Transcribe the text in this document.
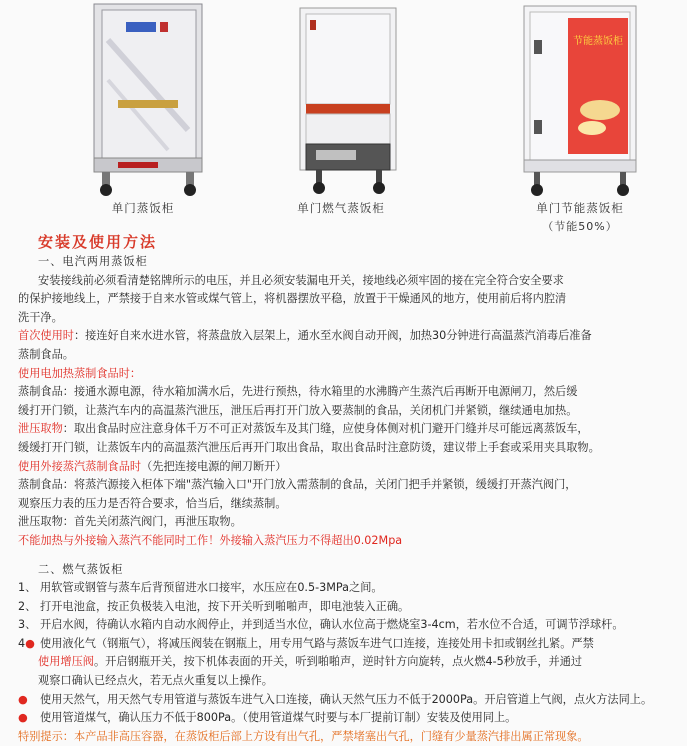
单门蒸饭柜	单门燃气蒸饭柜
节能蒸饭柜
单门节能蒸饭柜
（节能50%）
安装及使用方法
一、电汽两用蒸饭柜
安装接线前必须看清楚铭牌所示的电压，并且必须安装漏电开关，接地线必须牢固的接在完全符合安全要求
的保护接地线上，严禁接于自来水管或煤气管上，将机器摆放平稳，放置于干燥通风的地方，使用前后将内腔清
洗干净。
首次使用时：接连好自来水进水管，将蒸盘放入层架上，通水至水阀自动开阀，加热30分钟进行高温蒸汽消毒后准备
蒸制食品。
使用电加热蒸制食品时：
蒸制食品：接通水源电源，待水箱加满水后，先进行预热，待水箱里的水沸腾产生蒸汽后再断开电源闸刀，然后缓
缓打开门锁，让蒸汽车内的高温蒸汽泄压，泄压后再打开门放入要蒸制的食品，关闭机门并紧锁，继续通电加热。
泄压取物：取出食品时应注意身体千万不可正对蒸饭车及其门缝，应使身体侧对机门避开门缝并尽可能远离蒸饭车，
缓缓打开门锁，让蒸饭车内的高温蒸汽泄压后再开门取出食品，取出食品时注意防烫，建议带上手套或采用夹具取物。
使用外接蒸汽蒸制食品时（先把连接电源的闸刀断开）
蒸制食品：将蒸汽源接入柜体下端"蒸汽输入口"开门放入需蒸制的食品，关闭门把手并紧锁，缓缓打开蒸汽阀门，
观察压力表的压力是否符合要求，恰当后，继续蒸制。
泄压取物：首先关闭蒸汽阀门，再泄压取物。
不能加热与外接输入蒸汽不能同时工作！外接输入蒸汽压力不得超出0.02Mpa
二、燃气蒸饭柜
1、 用软管或钢管与蒸车后背预留进水口接牢，水压应在0.5-3MPa之间。
2、 打开电池盒，按正负极装入电池，按下开关听到啪啪声，即电池装入正确。
3、 开启水阀，待确认水箱内自动水阀停止，并到适当水位，确认水位高于燃烧室3-4cm，若水位不合适，可调节浮球杆。
4● 使用液化气（钢瓶气），将减压阀装在钢瓶上，用专用气路与蒸饭车进气口连接，连接处用卡扣或钢丝扎紧。严禁
使用增压阀。开启钢瓶开关，按下机体表面的开关，听到啪啪声，逆时针方向旋转，点火燃4-5秒放手，并通过
观察口确认已经点火，若无点火重复以上操作。
● 使用天然气，用天然气专用管道与蒸饭车进气入口连接，确认天然气压力不低于2000Pa。开启管道上气阀，点火方法同上。
● 使用管道煤气，确认压力不低于800Pa。（使用管道煤气时要与本厂提前订制）安装及使用同上。
特别提示：本产品非高压容器，在蒸饭柜后部上方设有出气孔，严禁堵塞出气孔，门缝有少量蒸汽排出属正常现象。
